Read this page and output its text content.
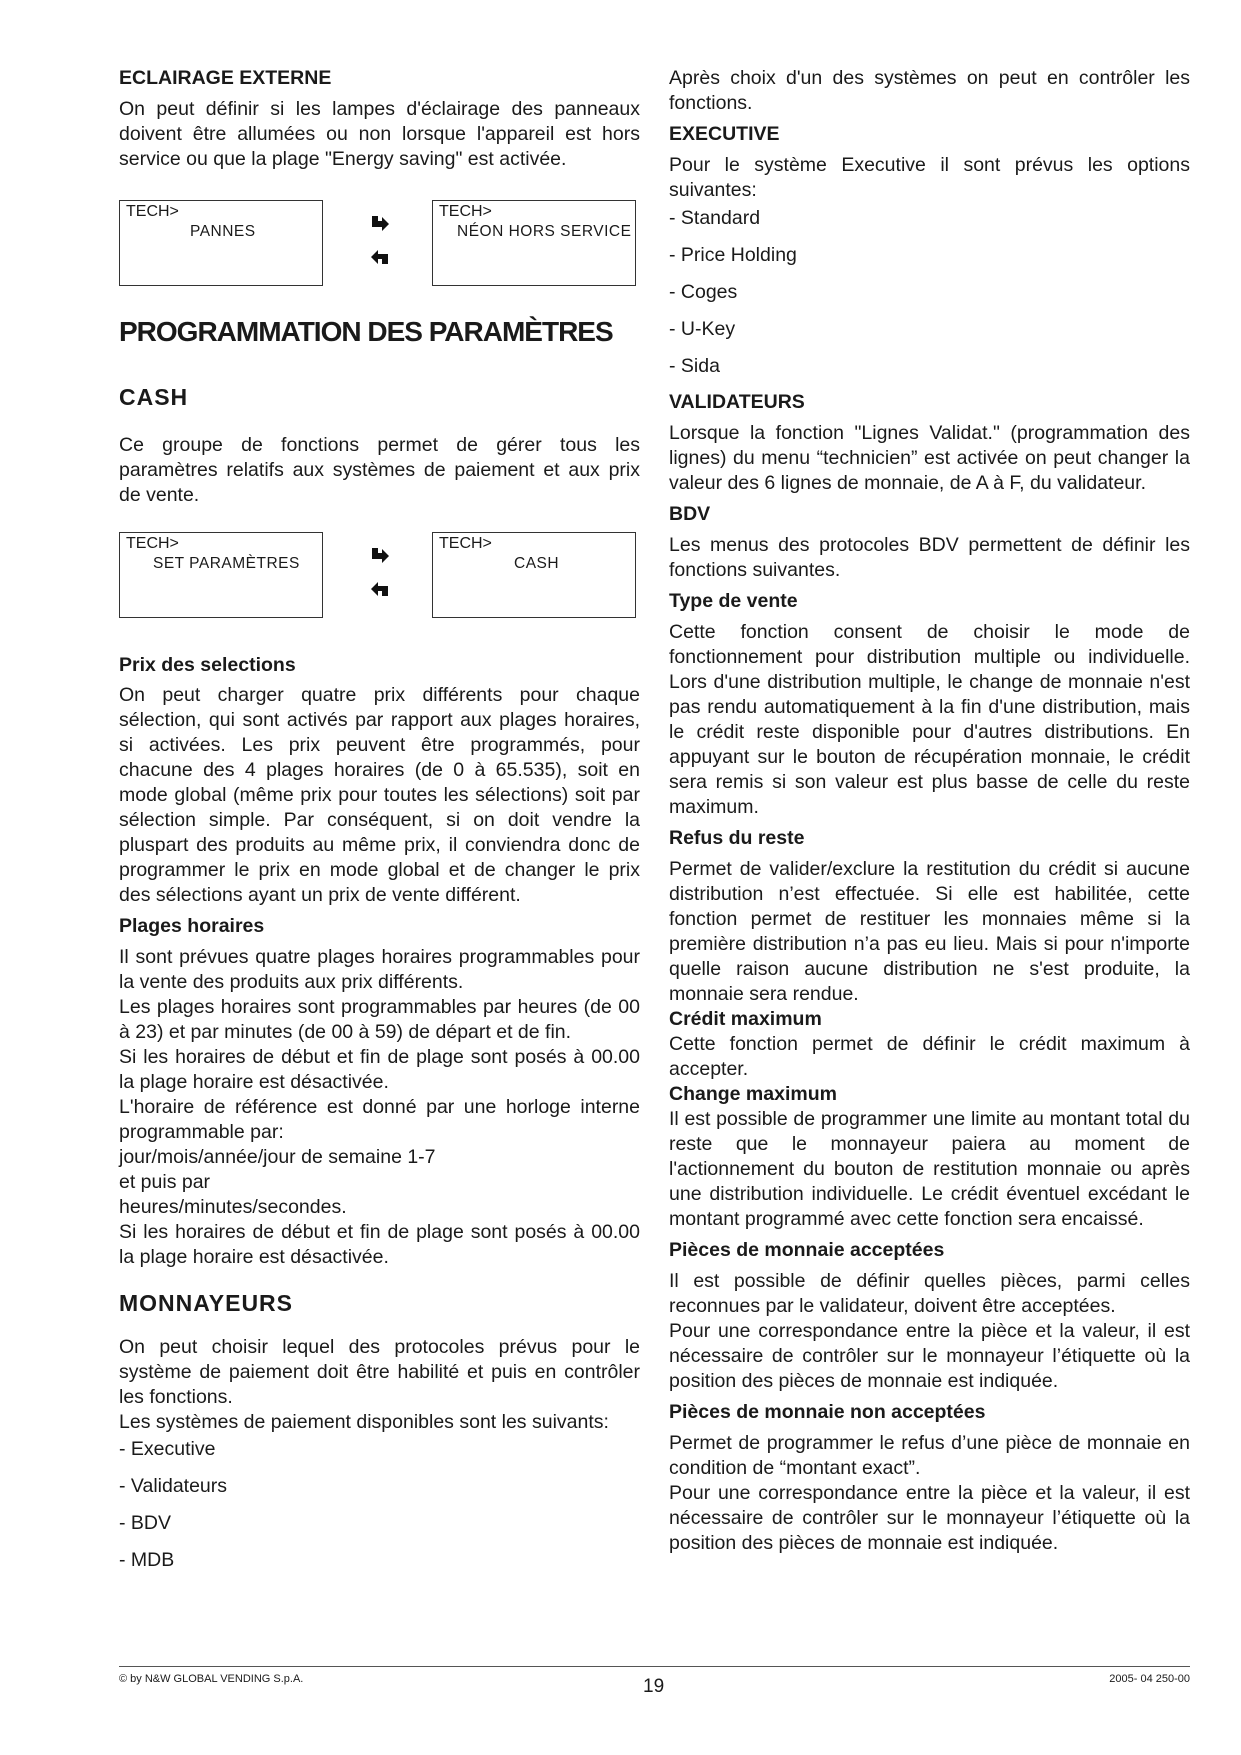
ECLAIRAGE EXTERNE

On peut définir si les lampes d'éclairage des panneaux doivent être allumées ou non lorsque l'appareil est hors service ou que la plage "Energy saving" est activée.

TECH>
PANNES
TECH>
NÉON HORS SERVICE
PROGRAMMATION DES PARAMÈTRES
CASH

Ce groupe de fonctions permet de gérer tous les paramètres relatifs aux systèmes de paiement et aux prix de vente.

TECH>
SET PARAMÈTRES
TECH>
CASH
Prix des selections

On peut charger quatre prix différents pour chaque sélection, qui sont activés par rapport aux plages horaires, si activées. Les prix peuvent être programmés, pour chacune des 4 plages horaires (de 0 à 65.535), soit en mode global (même prix pour toutes les sélections) soit par sélection simple. Par conséquent, si on doit vendre la pluspart des produits au même prix, il conviendra donc de programmer le prix en mode global et de changer le prix des sélections ayant un prix de vente différent.

Plages horaires

Il sont prévues quatre plages horaires programmables pour la vente des produits aux prix différents.

Les plages horaires sont programmables par heures (de 00 à 23) et par minutes (de 00 à 59) de départ et de fin.

Si les horaires de début et fin de plage sont posés à 00.00 la plage horaire est désactivée.

L'horaire de référence est donné par une horloge interne programmable par:

jour/mois/année/jour de semaine 1-7

et puis par

heures/minutes/secondes.

Si les horaires de début et fin de plage sont posés à 00.00 la plage horaire est désactivée.

MONNAYEURS

On peut choisir lequel des protocoles prévus pour le système de paiement doit être habilité et puis en contrôler les fonctions.

Les systèmes de paiement disponibles sont les suivants:

- Executive
- Validateurs
- BDV
- MDB

Après choix d'un des systèmes on peut en contrôler les fonctions.

EXECUTIVE

Pour le système Executive il sont prévus les options suivantes:

- Standard
- Price Holding
- Coges
- U-Key
- Sida
VALIDATEURS

Lorsque la fonction "Lignes Validat." (programmation des lignes) du menu “technicien” est activée on peut changer la valeur des 6 lignes de monnaie, de A à F, du validateur.

BDV

Les menus des protocoles BDV permettent de définir les fonctions suivantes.

Type de vente

Cette fonction consent de choisir le mode de fonctionnement pour distribution multiple ou individuelle. Lors d'une distribution multiple, le change de monnaie n'est pas rendu automatiquement à la fin d'une distribution, mais le crédit reste disponible pour d'autres distributions. En appuyant sur le bouton de récupération monnaie, le crédit sera remis si son valeur est plus basse de celle du reste maximum.

Refus du reste

Permet de valider/exclure la restitution du crédit si aucune distribution n’est effectuée. Si elle est habilitée, cette fonction permet de restituer les monnaies même si la première distribution n’a pas eu lieu. Mais si pour n'importe quelle raison aucune distribution ne s'est produite, la monnaie sera rendue.

Crédit maximum

Cette fonction permet de définir le crédit maximum à accepter.

Change maximum

Il est possible de programmer une limite au montant total du reste que le monnayeur paiera au moment de l'actionnement du bouton de restitution monnaie ou après une distribution individuelle. Le crédit éventuel excédant le montant programmé avec cette fonction sera encaissé.

Pièces de monnaie acceptées

Il est possible de définir quelles pièces, parmi celles reconnues par le validateur, doivent être acceptées.

Pour une correspondance entre la pièce et la valeur, il est nécessaire de contrôler sur le monnayeur l’étiquette où la position des pièces de monnaie est indiquée.

Pièces de monnaie non acceptées

Permet de programmer le refus d’une pièce de monnaie en condition de “montant exact”.

Pour une correspondance entre la pièce et la valeur, il est nécessaire de contrôler sur le monnayeur l’étiquette où la position des pièces de monnaie est indiquée.

© by N&W GLOBAL VENDING S.p.A.	19	2005- 04 250-00
